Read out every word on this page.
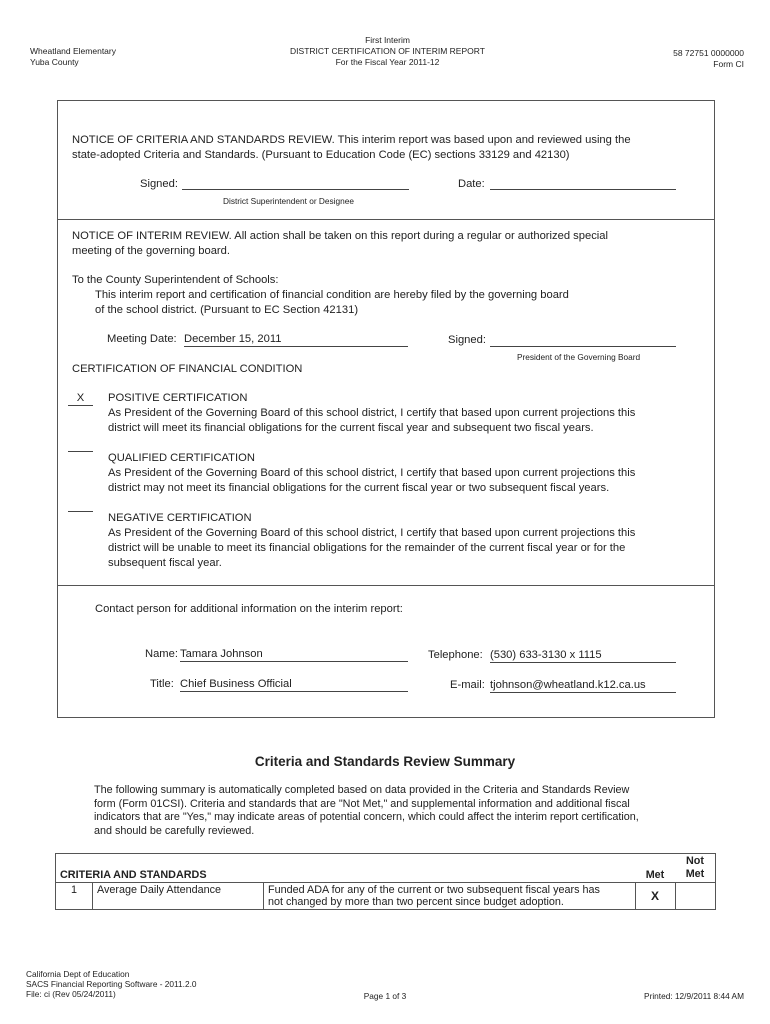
Wheatland Elementary
Yuba County
First Interim
DISTRICT CERTIFICATION OF INTERIM REPORT
For the Fiscal Year 2011-12
58 72751 0000000
Form CI
NOTICE OF CRITERIA AND STANDARDS REVIEW. This interim report was based upon and reviewed using the
state-adopted Criteria and Standards. (Pursuant to Education Code (EC) sections 33129 and 42130)
Signed:
District Superintendent or Designee
Date:
NOTICE OF INTERIM REVIEW. All action shall be taken on this report during a regular or authorized special
meeting of the governing board.
To the County Superintendent of Schools:
This interim report and certification of financial condition are hereby filed by the governing board
of the school district. (Pursuant to EC Section 42131)
Meeting Date: December 15, 2011	Signed:
President of the Governing Board
CERTIFICATION OF FINANCIAL CONDITION
X	POSITIVE CERTIFICATION
As President of the Governing Board of this school district, I certify that based upon current projections this
district will meet its financial obligations for the current fiscal year and subsequent two fiscal years.
QUALIFIED CERTIFICATION
As President of the Governing Board of this school district, I certify that based upon current projections this
district may not meet its financial obligations for the current fiscal year or two subsequent fiscal years.
NEGATIVE CERTIFICATION
As President of the Governing Board of this school district, I certify that based upon current projections this
district will be unable to meet its financial obligations for the remainder of the current fiscal year or for the
subsequent fiscal year.
Contact person for additional information on the interim report:
Name: Tamara Johnson	Telephone: (530) 633-3130 x 1115
Title: Chief Business Official	E-mail: tjohnson@wheatland.k12.ca.us
Criteria and Standards Review Summary
The following summary is automatically completed based on data provided in the Criteria and Standards Review
form (Form 01CSI). Criteria and standards that are "Not Met," and supplemental information and additional fiscal
indicators that are "Yes," may indicate areas of potential concern, which could affect the interim report certification,
and should be carefully reviewed.
CRITERIA AND STANDARDS			Met	Not
Met

1	Average Daily Attendance	Funded ADA for any of the current or two subsequent fiscal years has
not changed by more than two percent since budget adoption.	X	
California Dept of Education
SACS Financial Reporting Software - 2011.2.0
File: ci (Rev 05/24/2011)	Page 1 of 3	Printed: 12/9/2011 8:44 AM
